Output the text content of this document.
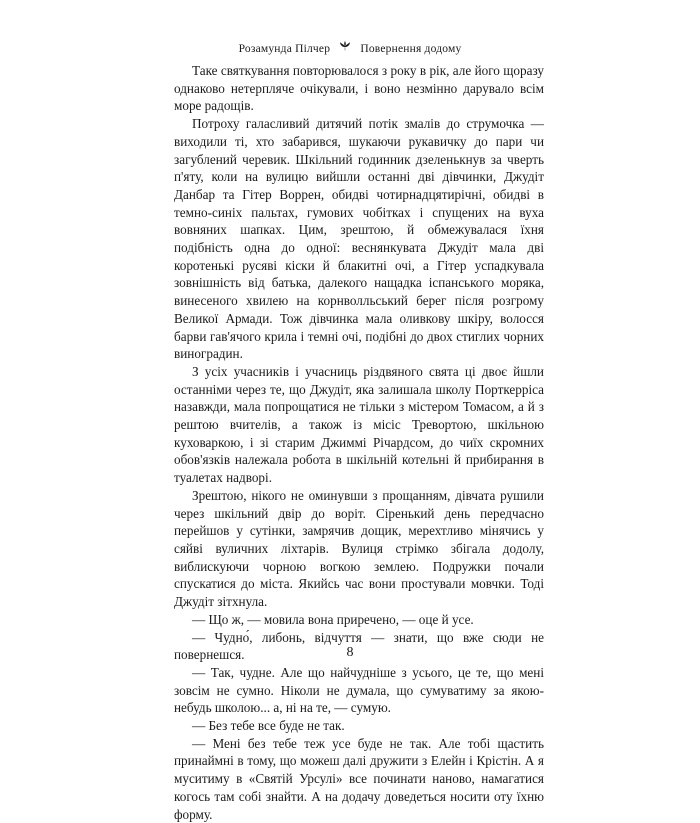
Розамунда Пілчер	Повернення додому

Таке святкування повторювалося з року в рік, але його щоразу однаково нетерпляче очікували, і воно незмінно дарувало всім море радощів.

Потроху галасливий дитячий потік змалів до струмочка — виходили ті, хто забарився, шукаючи рукавичку до пари чи загублений черевик. Шкільний годинник дзеленькнув за чверть п'яту, коли на вулицю вийшли останні дві дівчинки, Джудіт Данбар та Гітер Воррен, обидві чотирнадцятирічні, обидві в темно-синіх пальтах, гумових чобітках і спущених на вуха вовняних шапках. Цим, зрештою, й обмежувалася їхня подібність одна до одної: веснянкувата Джудіт мала дві коротенькі русяві кіски й блакитні очі, а Гітер успадкувала зовнішність від батька, далекого нащадка іспанського моряка, винесеного хвилею на корнволльський берег після розгрому Великої Армади. Тож дівчинка мала оливкову шкіру, волосся барви гав'ячого крила і темні очі, подібні до двох стиглих чорних виноградин.

З усіх учасників і учасниць різдвяного свята ці двоє йшли останніми через те, що Джудіт, яка залишала школу Порткерріса назавжди, мала попрощатися не тільки з містером Томасом, а й з рештою вчителів, а також із місіс Тревортою, шкільною куховаркою, і зі старим Джиммі Річардсом, до чиїх скромних обов'язків належала робота в шкільній котельні й прибирання в туалетах надворі.

Зрештою, нікого не оминувши з прощанням, дівчата рушили через шкільний двір до воріт. Сіренький день передчасно перейшов у сутінки, замрячив дощик, мерехтливо мінячись у сяйві вуличних ліхтарів. Вулиця стрімко збігала додолу, виблискуючи чорною вогкою землею. Подружки почали спускатися до міста. Якийсь час вони простували мовчки. Тоді Джудіт зітхнула.

— Що ж, — мовила вона приречено, — оце й усе.

— Чудно́, либонь, відчуття — знати, що вже сюди не повернешся.

— Так, чудне. Але що найчудніше з усього, це те, що мені зовсім не сумно. Ніколи не думала, що сумуватиму за якою-небудь школою... а, ні на те, — сумую.

— Без тебе все буде не так.

— Мені без тебе теж усе буде не так. Але тобі щастить принаймні в тому, що можеш далі дружити з Елейн і Крістін. А я муситиму в «Святій Урсулі» все починати наново, намагатися когось там собі знайти. А на додачу доведеться носити оту їхню форму.

8
